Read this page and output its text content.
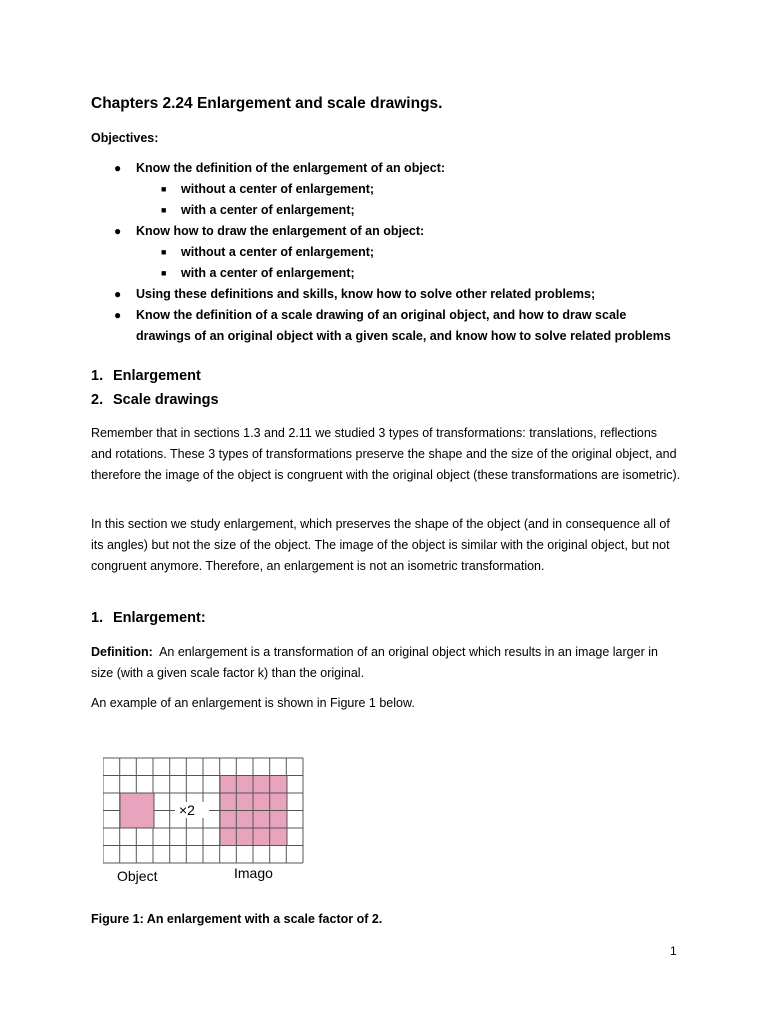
Chapters 2.24 Enlargement and scale drawings.
Objectives:
● Know the definition of the enlargement of an object:
■ without a center of enlargement;
■ with a center of enlargement;
● Know how to draw the enlargement of an object:
■ without a center of enlargement;
■ with a center of enlargement;
● Using these definitions and skills, know how to solve other related problems;
● Know the definition of a scale drawing of an original object, and how to draw scale drawings of an original object with a given scale, and know how to solve related problems
1. Enlargement
2. Scale drawings
Remember that in sections 1.3 and 2.11 we studied 3 types of transformations: translations, reflections and rotations. These 3 types of transformations preserve the shape and the size of the original object, and therefore the image of the object is congruent with the original object (these transformations are isometric).
In this section we study enlargement, which preserves the shape of the object (and in consequence all of its angles) but not the size of the object. The image of the object is similar with the original object, but not congruent anymore. Therefore, an enlargement is not an isometric transformation.
1. Enlargement:
Definition: An enlargement is a transformation of an original object which results in an image larger in size (with a given scale factor k) than the original.
An example of an enlargement is shown in Figure 1 below.
×2
Object	Imago
Figure 1: An enlargement with a scale factor of 2.
1
